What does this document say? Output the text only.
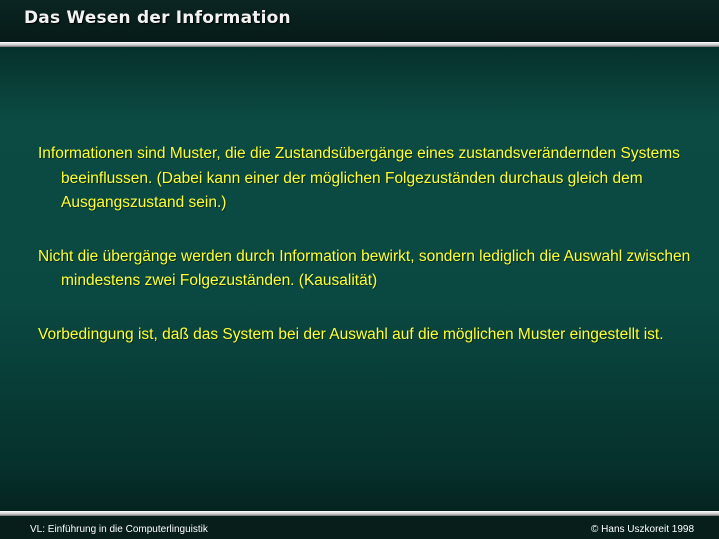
Das Wesen der Information

Informationen sind Muster, die die Zustandsübergänge eines zustandsverändernden Systems beeinflussen. (Dabei kann einer der möglichen Folgezuständen durchaus gleich dem Ausgangszustand sein.)

Nicht die übergänge werden durch Information bewirkt, sondern lediglich die Auswahl zwischen mindestens zwei Folgezuständen. (Kausalität)

Vorbedingung ist, daß das System bei der Auswahl auf die möglichen Muster eingestellt ist.

VL: Einführung in die Computerlinguistik	© Hans Uszkoreit 1998
